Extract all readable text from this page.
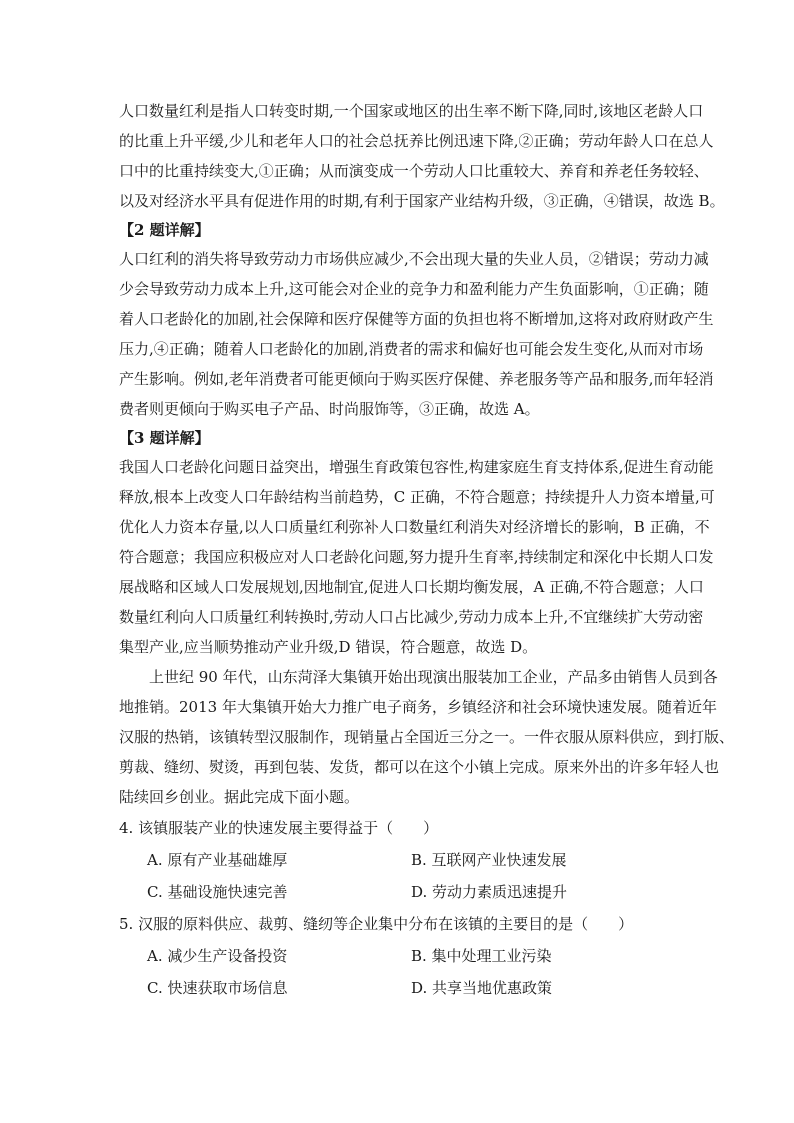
人口数量红利是指人口转变时期,一个国家或地区的出生率不断下降,同时,该地区老龄人口

的比重上升平缓,少儿和老年人口的社会总抚养比例迅速下降,②正确；劳动年龄人口在总人

口中的比重持续变大,①正确；从而演变成一个劳动人口比重较大、养育和养老任务较轻、

以及对经济水平具有促进作用的时期,有利于国家产业结构升级，③正确，④错误，故选 B。

【2 题详解】

人口红利的消失将导致劳动力市场供应减少,不会出现大量的失业人员，②错误；劳动力减

少会导致劳动力成本上升,这可能会对企业的竞争力和盈利能力产生负面影响，①正确；随

着人口老龄化的加剧,社会保障和医疗保健等方面的负担也将不断增加,这将对政府财政产生

压力,④正确；随着人口老龄化的加剧,消费者的需求和偏好也可能会发生变化,从而对市场

产生影响。例如,老年消费者可能更倾向于购买医疗保健、养老服务等产品和服务,而年轻消

费者则更倾向于购买电子产品、时尚服饰等，③正确，故选 A。

【3 题详解】

我国人口老龄化问题日益突出，增强生育政策包容性,构建家庭生育支持体系,促进生育动能

释放,根本上改变人口年龄结构当前趋势，C 正确，不符合题意；持续提升人力资本增量,可

优化人力资本存量,以人口质量红利弥补人口数量红利消失对经济增长的影响，B 正确，不

符合题意；我国应积极应对人口老龄化问题,努力提升生育率,持续制定和深化中长期人口发

展战略和区域人口发展规划,因地制宜,促进人口长期均衡发展，A 正确,不符合题意；人口

数量红利向人口质量红利转换时,劳动人口占比减少,劳动力成本上升,不宜继续扩大劳动密

集型产业,应当顺势推动产业升级,D 错误，符合题意，故选 D。

上世纪 90 年代，山东菏泽大集镇开始出现演出服装加工企业，产品多由销售人员到各

地推销。2013 年大集镇开始大力推广电子商务，乡镇经济和社会环境快速发展。随着近年

汉服的热销，该镇转型汉服制作，现销量占全国近三分之一。一件衣服从原料供应，到打版、

剪裁、缝纫、熨烫，再到包装、发货，都可以在这个小镇上完成。原来外出的许多年轻人也

陆续回乡创业。据此完成下面小题。

4. 该镇服装产业的快速发展主要得益于（　　）

A. 原有产业基础雄厚	B. 互联网产业快速发展
C. 基础设施快速完善	D. 劳动力素质迅速提升

5. 汉服的原料供应、裁剪、缝纫等企业集中分布在该镇的主要目的是（　　）

A. 减少生产设备投资	B. 集中处理工业污染
C. 快速获取市场信息	D. 共享当地优惠政策
